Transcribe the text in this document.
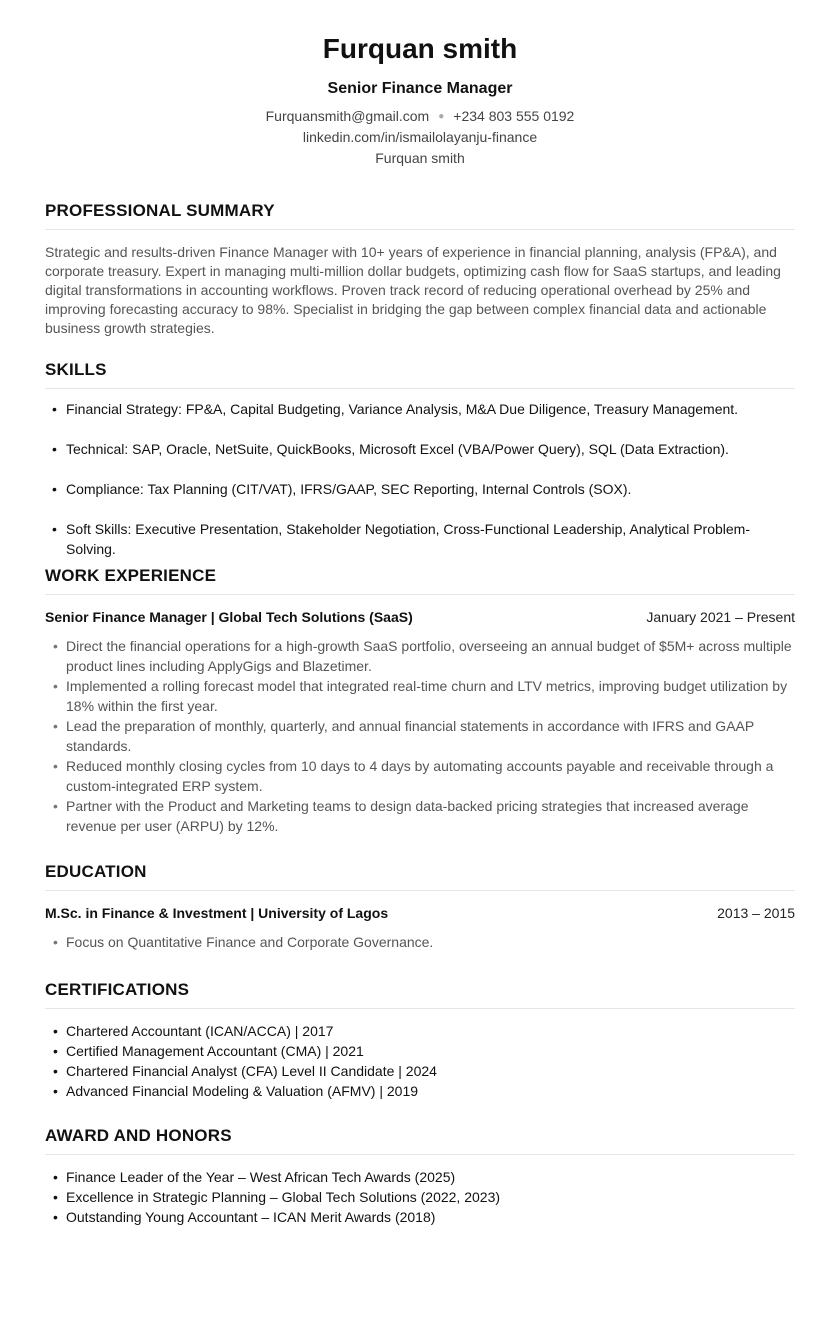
Furquan smith
Senior Finance Manager
Furquansmith@gmail.com ● +234 803 555 0192
linkedin.com/in/ismailolayanju-finance
Furquan smith
PROFESSIONAL SUMMARY
Strategic and results-driven Finance Manager with 10+ years of experience in financial planning, analysis (FP&A), and corporate treasury. Expert in managing multi-million dollar budgets, optimizing cash flow for SaaS startups, and leading digital transformations in accounting workflows. Proven track record of reducing operational overhead by 25% and improving forecasting accuracy to 98%. Specialist in bridging the gap between complex financial data and actionable business growth strategies.
SKILLS
• Financial Strategy: FP&A, Capital Budgeting, Variance Analysis, M&A Due Diligence, Treasury Management.
• Technical: SAP, Oracle, NetSuite, QuickBooks, Microsoft Excel (VBA/Power Query), SQL (Data Extraction).
• Compliance: Tax Planning (CIT/VAT), IFRS/GAAP, SEC Reporting, Internal Controls (SOX).
• Soft Skills: Executive Presentation, Stakeholder Negotiation, Cross-Functional Leadership, Analytical Problem-Solving.
WORK EXPERIENCE
Senior Finance Manager | Global Tech Solutions (SaaS)	January 2021 – Present
• Direct the financial operations for a high-growth SaaS portfolio, overseeing an annual budget of $5M+ across multiple product lines including ApplyGigs and Blazetimer.
• Implemented a rolling forecast model that integrated real-time churn and LTV metrics, improving budget utilization by 18% within the first year.
• Lead the preparation of monthly, quarterly, and annual financial statements in accordance with IFRS and GAAP standards.
• Reduced monthly closing cycles from 10 days to 4 days by automating accounts payable and receivable through a custom-integrated ERP system.
• Partner with the Product and Marketing teams to design data-backed pricing strategies that increased average revenue per user (ARPU) by 12%.
EDUCATION
M.Sc. in Finance & Investment | University of Lagos	2013 – 2015
• Focus on Quantitative Finance and Corporate Governance.
CERTIFICATIONS
• Chartered Accountant (ICAN/ACCA) | 2017
• Certified Management Accountant (CMA) | 2021
• Chartered Financial Analyst (CFA) Level II Candidate | 2024
• Advanced Financial Modeling & Valuation (AFMV) | 2019
AWARD AND HONORS
• Finance Leader of the Year – West African Tech Awards (2025)
• Excellence in Strategic Planning – Global Tech Solutions (2022, 2023)
• Outstanding Young Accountant – ICAN Merit Awards (2018)
